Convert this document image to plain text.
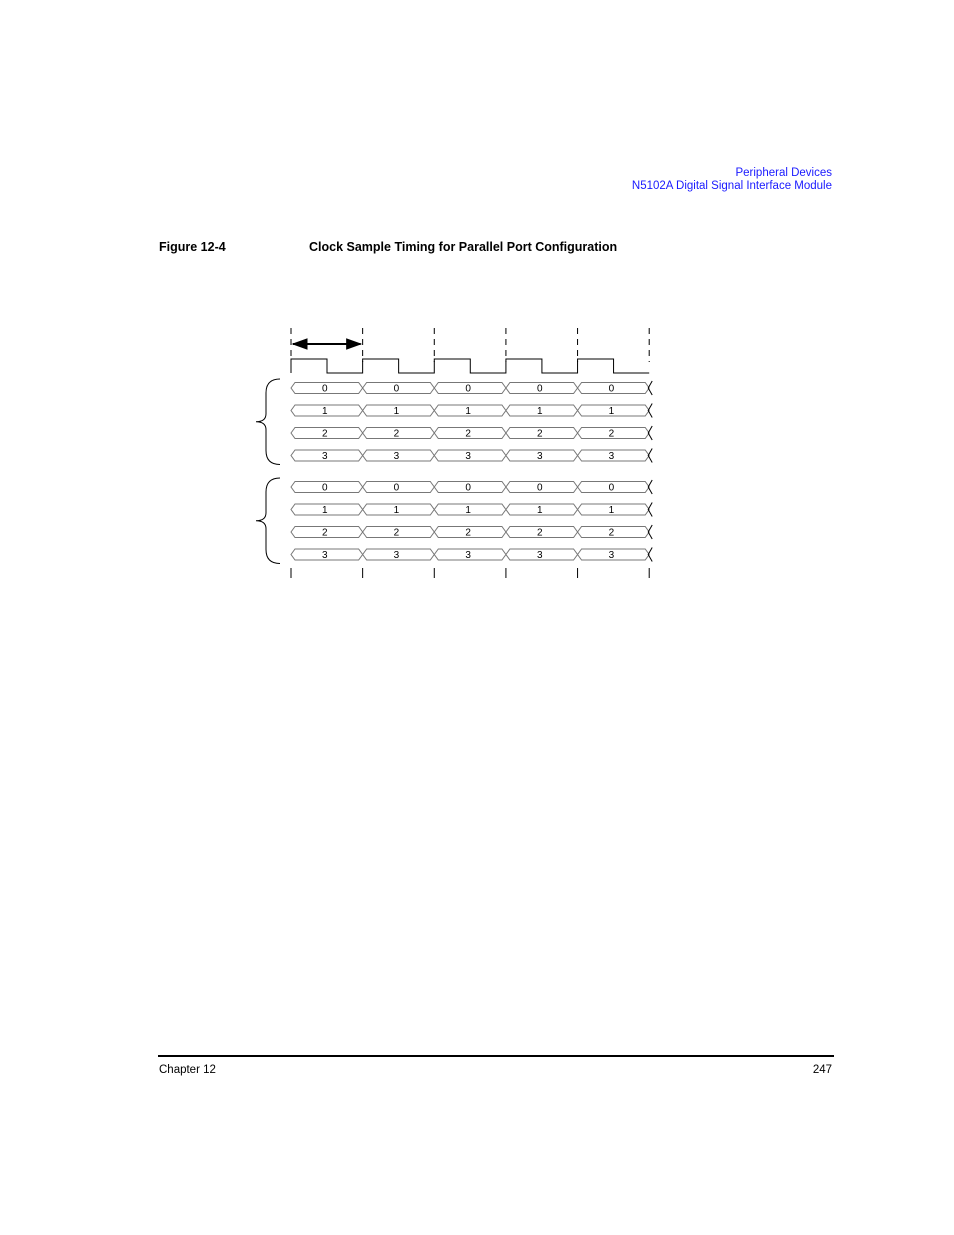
Peripheral Devices
N5102A Digital Signal Interface Module
Figure 12-4	Clock Sample Timing for Parallel Port Configuration
0	0	0	0	0
1	1	1	1	1
2	2	2	2	2
3	3	3	3	3
0	0	0	0	0
1	1	1	1	1
2	2	2	2	2
3	3	3	3	3
Chapter 12	247
